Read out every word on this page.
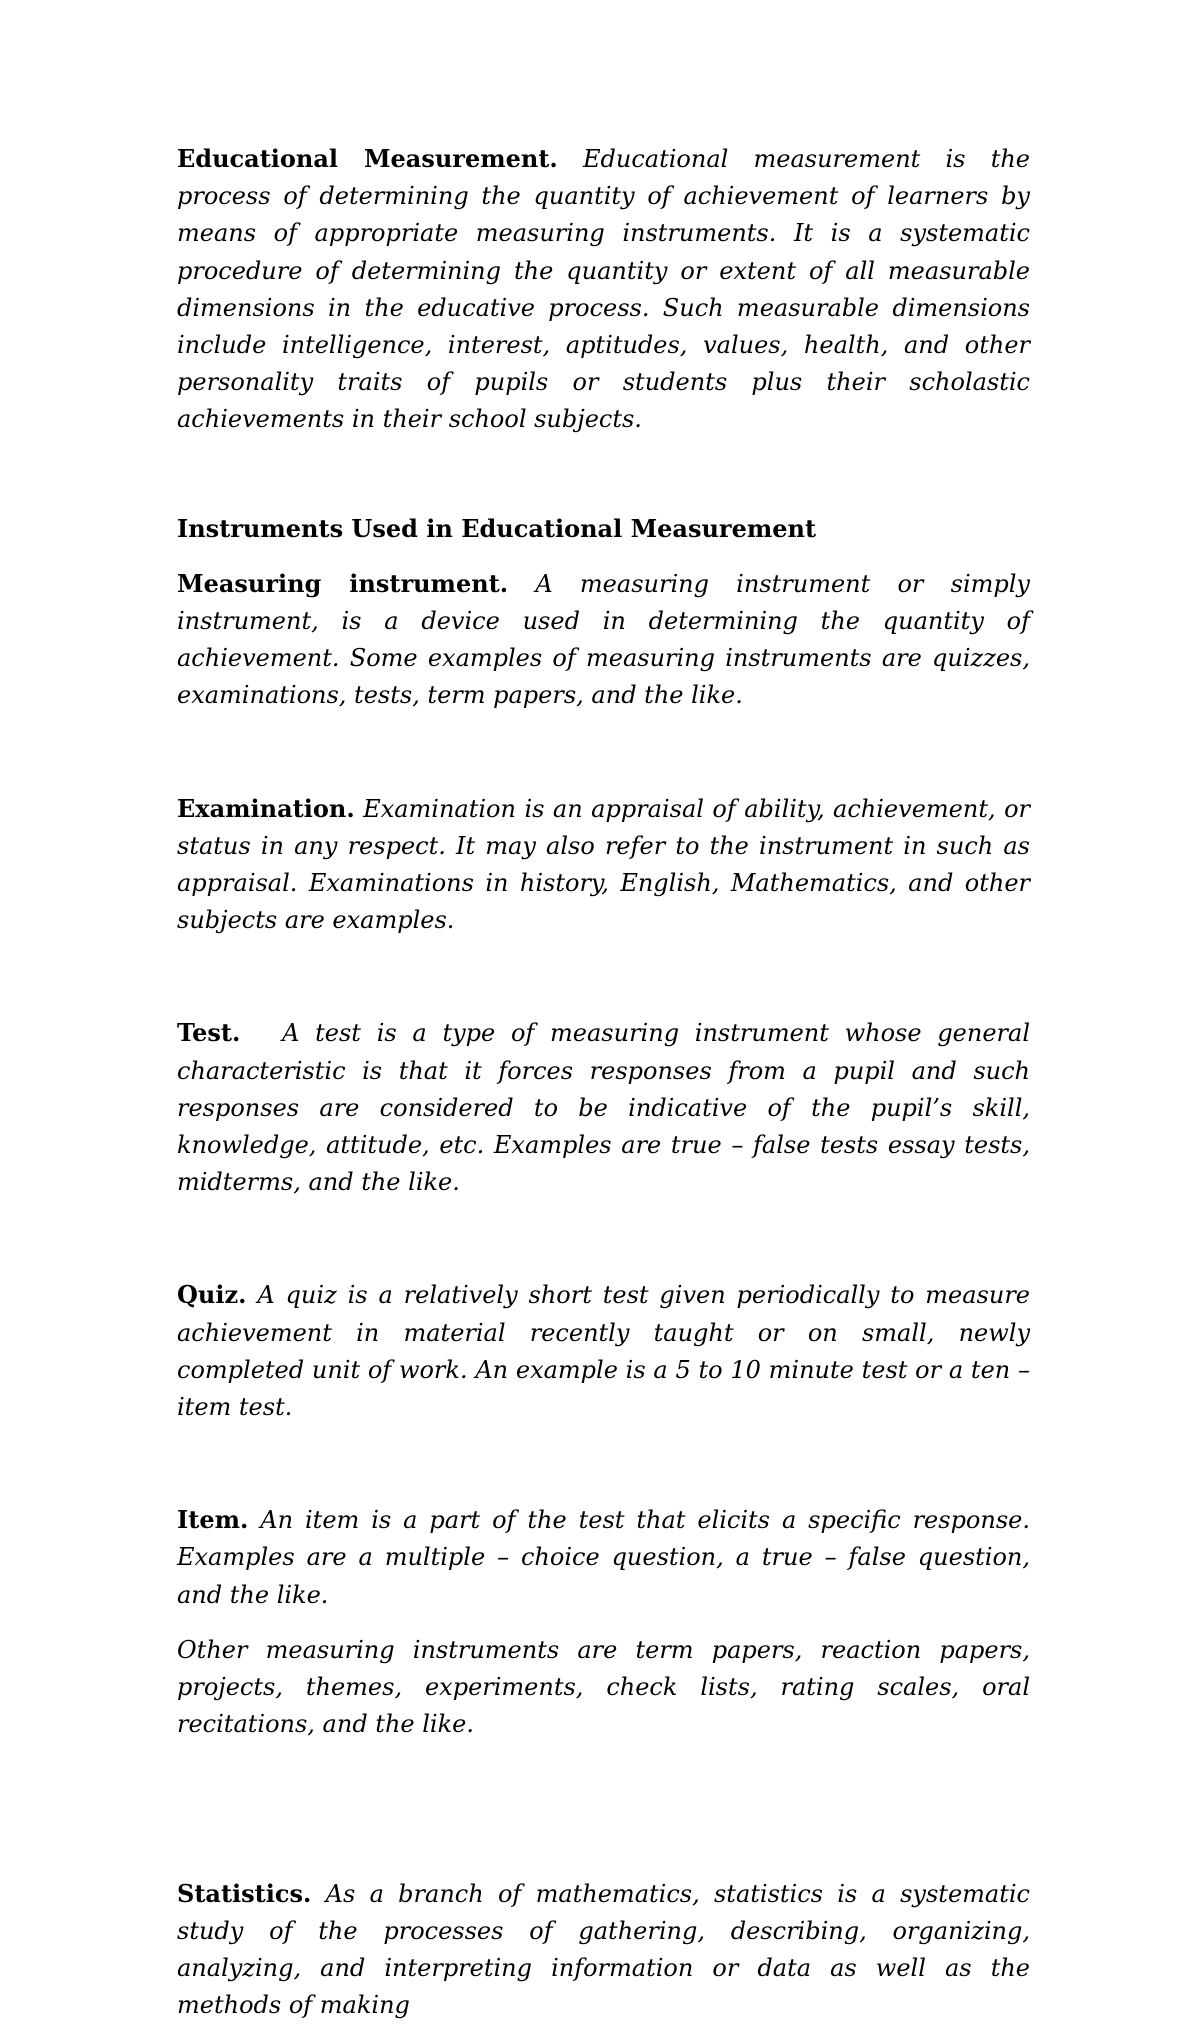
Educational Measurement. Educational measurement is the process of determining the quantity of achievement of learners by means of appropriate measuring instruments. It is a systematic procedure of determining the quantity or extent of all measurable dimensions in the educative process. Such measurable dimensions include intelligence, interest, aptitudes, values, health, and other personality traits of pupils or students plus their scholastic achievements in their school subjects.

Instruments Used in Educational Measurement

Measuring instrument. A measuring instrument or simply instrument, is a device used in determining the quantity of achievement. Some examples of measuring instruments are quizzes, examinations, tests, term papers, and the like.

Examination. Examination is an appraisal of ability, achievement, or status in any respect. It may also refer to the instrument in such as appraisal. Examinations in history, English, Mathematics, and other subjects are examples.

Test. A test is a type of measuring instrument whose general characteristic is that it forces responses from a pupil and such responses are considered to be indicative of the pupil’s skill, knowledge, attitude, etc. Examples are true – false tests essay tests, midterms, and the like.

Quiz. A quiz is a relatively short test given periodically to measure achievement in material recently taught or on small, newly completed unit of work. An example is a 5 to 10 minute test or a ten – item test.

Item. An item is a part of the test that elicits a specific response. Examples are a multiple – choice question, a true – false question, and the like.

Other measuring instruments are term papers, reaction papers, projects, themes, experiments, check lists, rating scales, oral recitations, and the like.

Statistics. As a branch of mathematics, statistics is a systematic study of the processes of gathering, describing, organizing, analyzing, and interpreting information or data as well as the methods of making
